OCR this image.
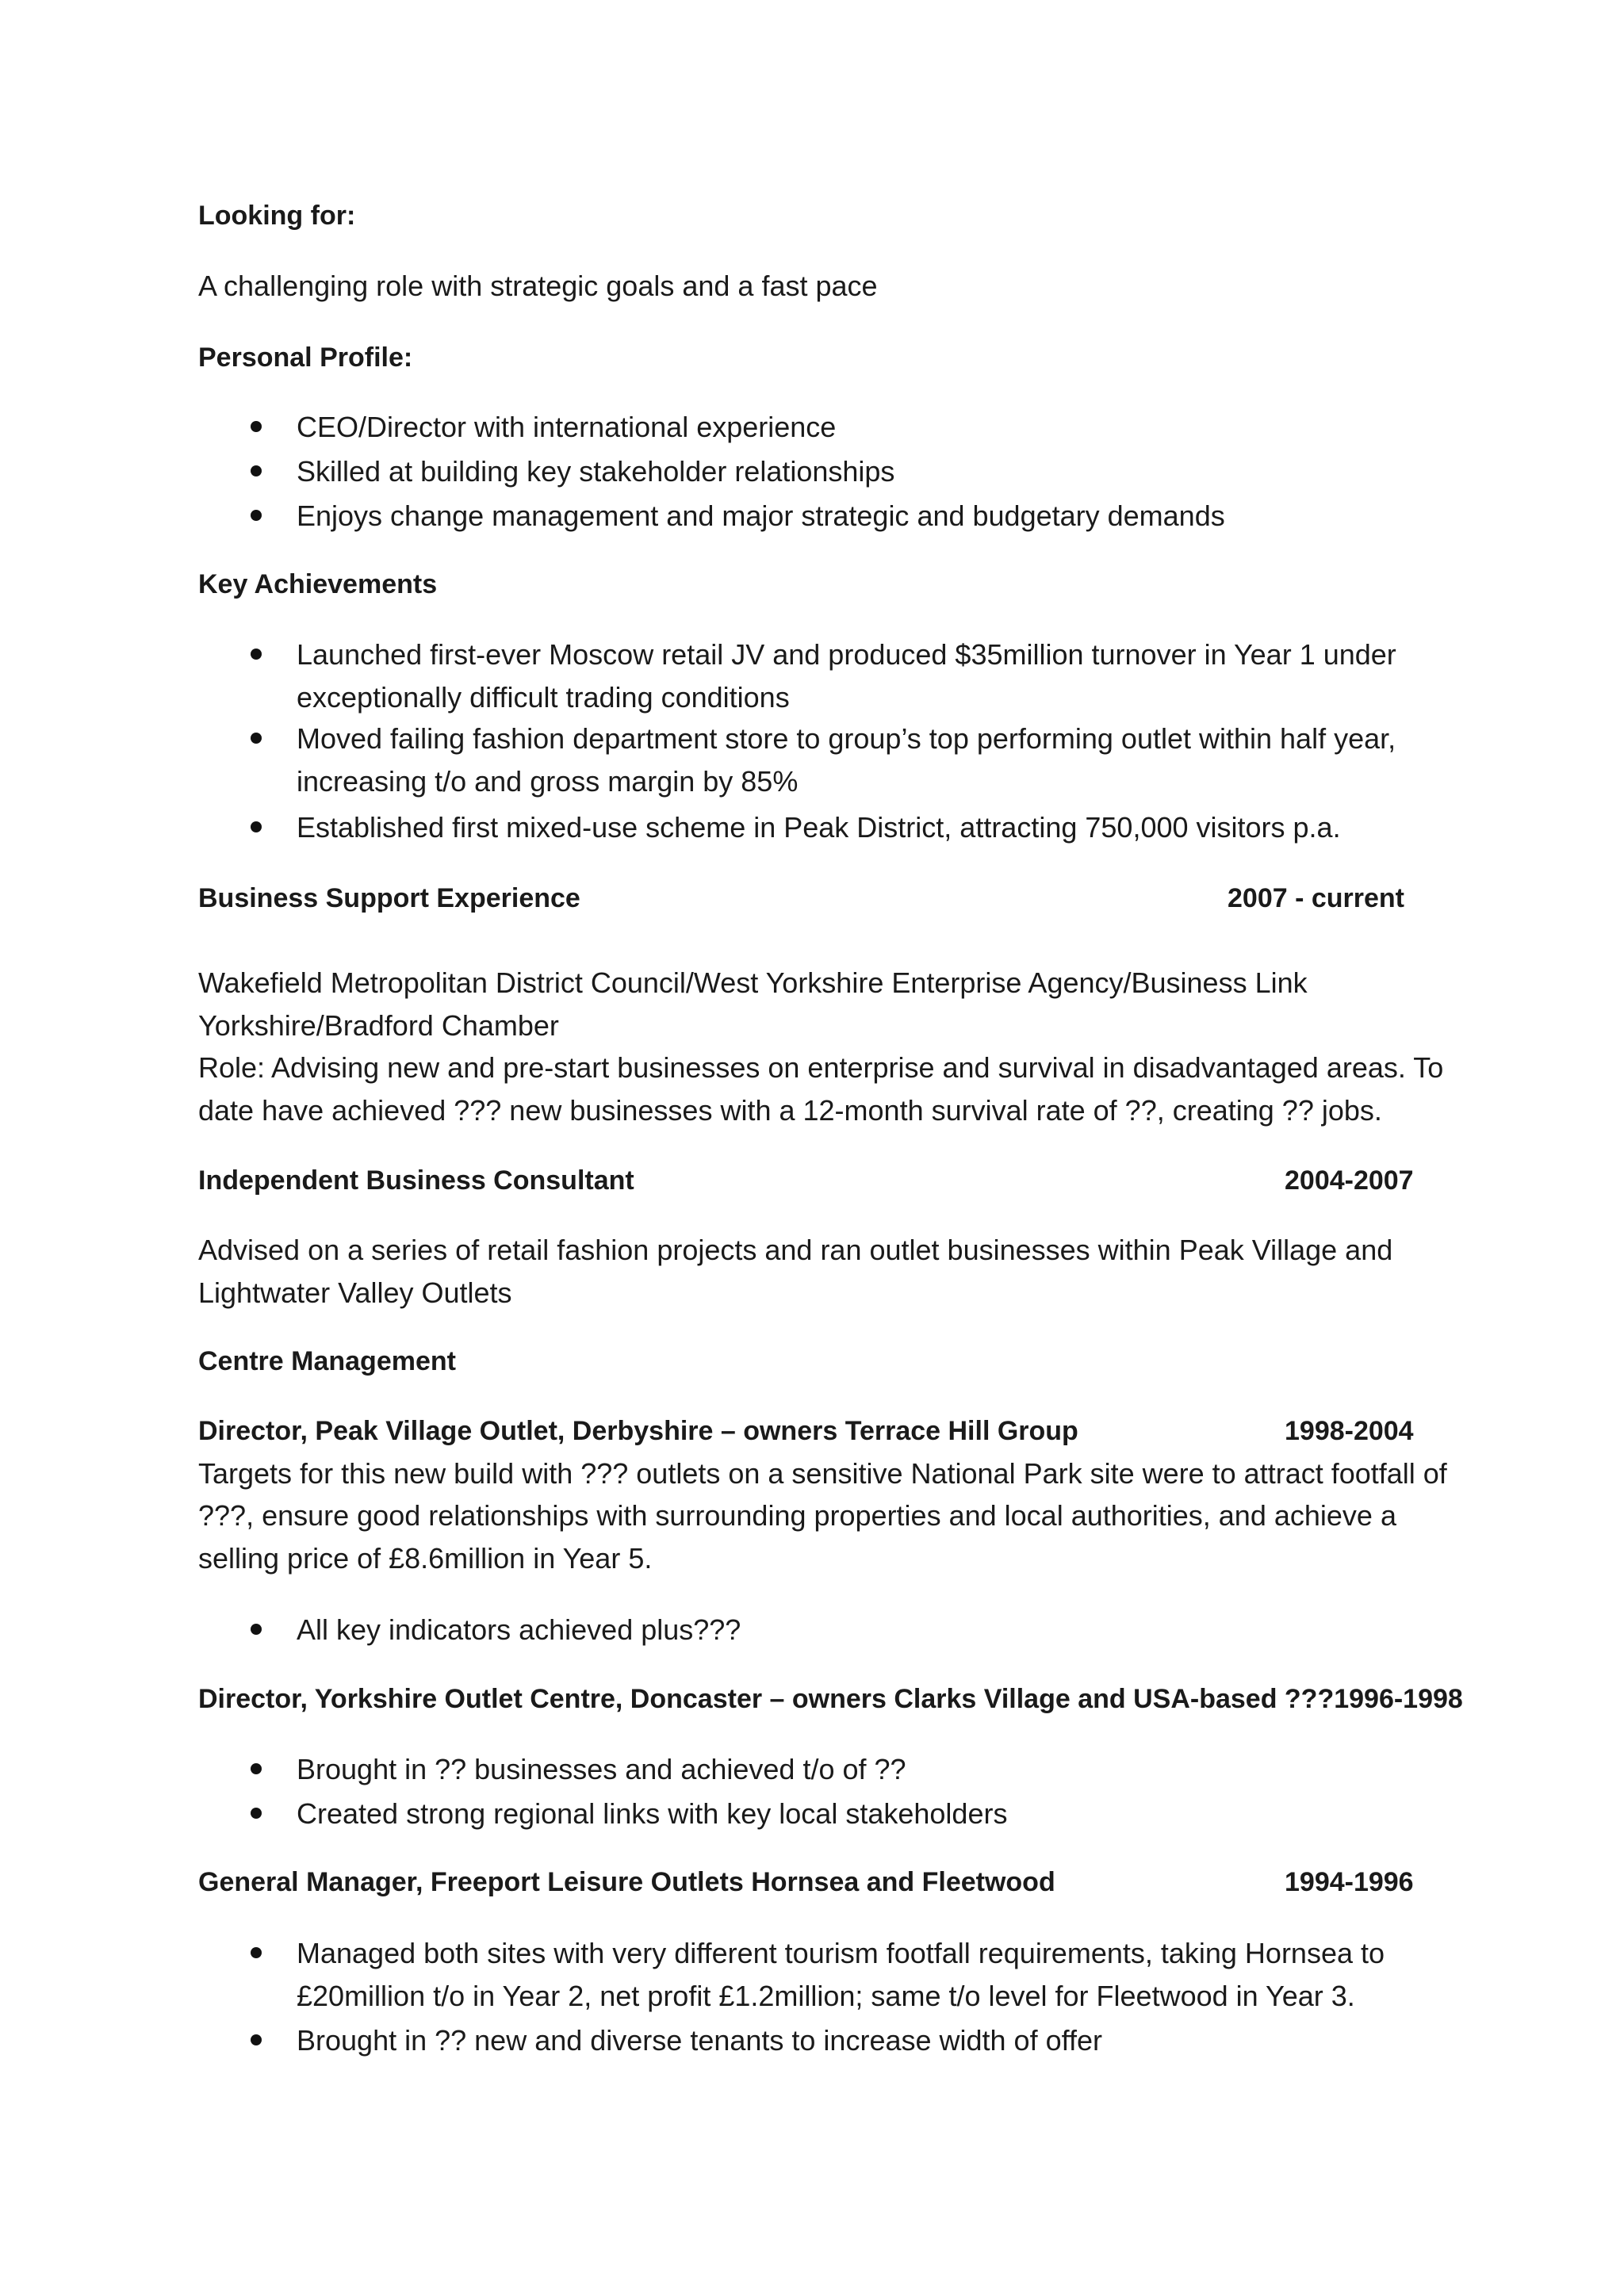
Looking for:

A challenging role with strategic goals and a fast pace

Personal Profile:

CEO/Director with international experience

Skilled at building key stakeholder relationships

Enjoys change management and major strategic and budgetary demands

Key Achievements

Launched first-ever Moscow retail JV and produced $35million turnover in Year 1 under

exceptionally difficult trading conditions

Moved failing fashion department store to group’s top performing outlet within half year,

increasing t/o and gross margin by 85%

Established first mixed-use scheme in Peak District, attracting 750,000 visitors p.a.

Business Support Experience	2007 - current

Wakefield Metropolitan District Council/West Yorkshire Enterprise Agency/Business Link

Yorkshire/Bradford Chamber

Role: Advising new and pre-start businesses on enterprise and survival in disadvantaged areas. To

date have achieved ??? new businesses with a 12-month survival rate of ??, creating ?? jobs.

Independent Business Consultant	2004-2007

Advised on a series of retail fashion projects and ran outlet businesses within Peak Village and

Lightwater Valley Outlets

Centre Management

Director, Peak Village Outlet, Derbyshire – owners Terrace Hill Group	1998-2004

Targets for this new build with ??? outlets on a sensitive National Park site were to attract footfall of

???, ensure good relationships with surrounding properties and local authorities, and achieve a

selling price of £8.6million in Year 5.

All key indicators achieved plus???

Director, Yorkshire Outlet Centre, Doncaster – owners Clarks Village and USA-based ???1996-1998

Brought in ?? businesses and achieved t/o of ??

Created strong regional links with key local stakeholders

General Manager, Freeport Leisure Outlets Hornsea and Fleetwood	1994-1996

Managed both sites with very different tourism footfall requirements, taking Hornsea to

£20million t/o in Year 2, net profit £1.2million; same t/o level for Fleetwood in Year 3.

Brought in ?? new and diverse tenants to increase width of offer
